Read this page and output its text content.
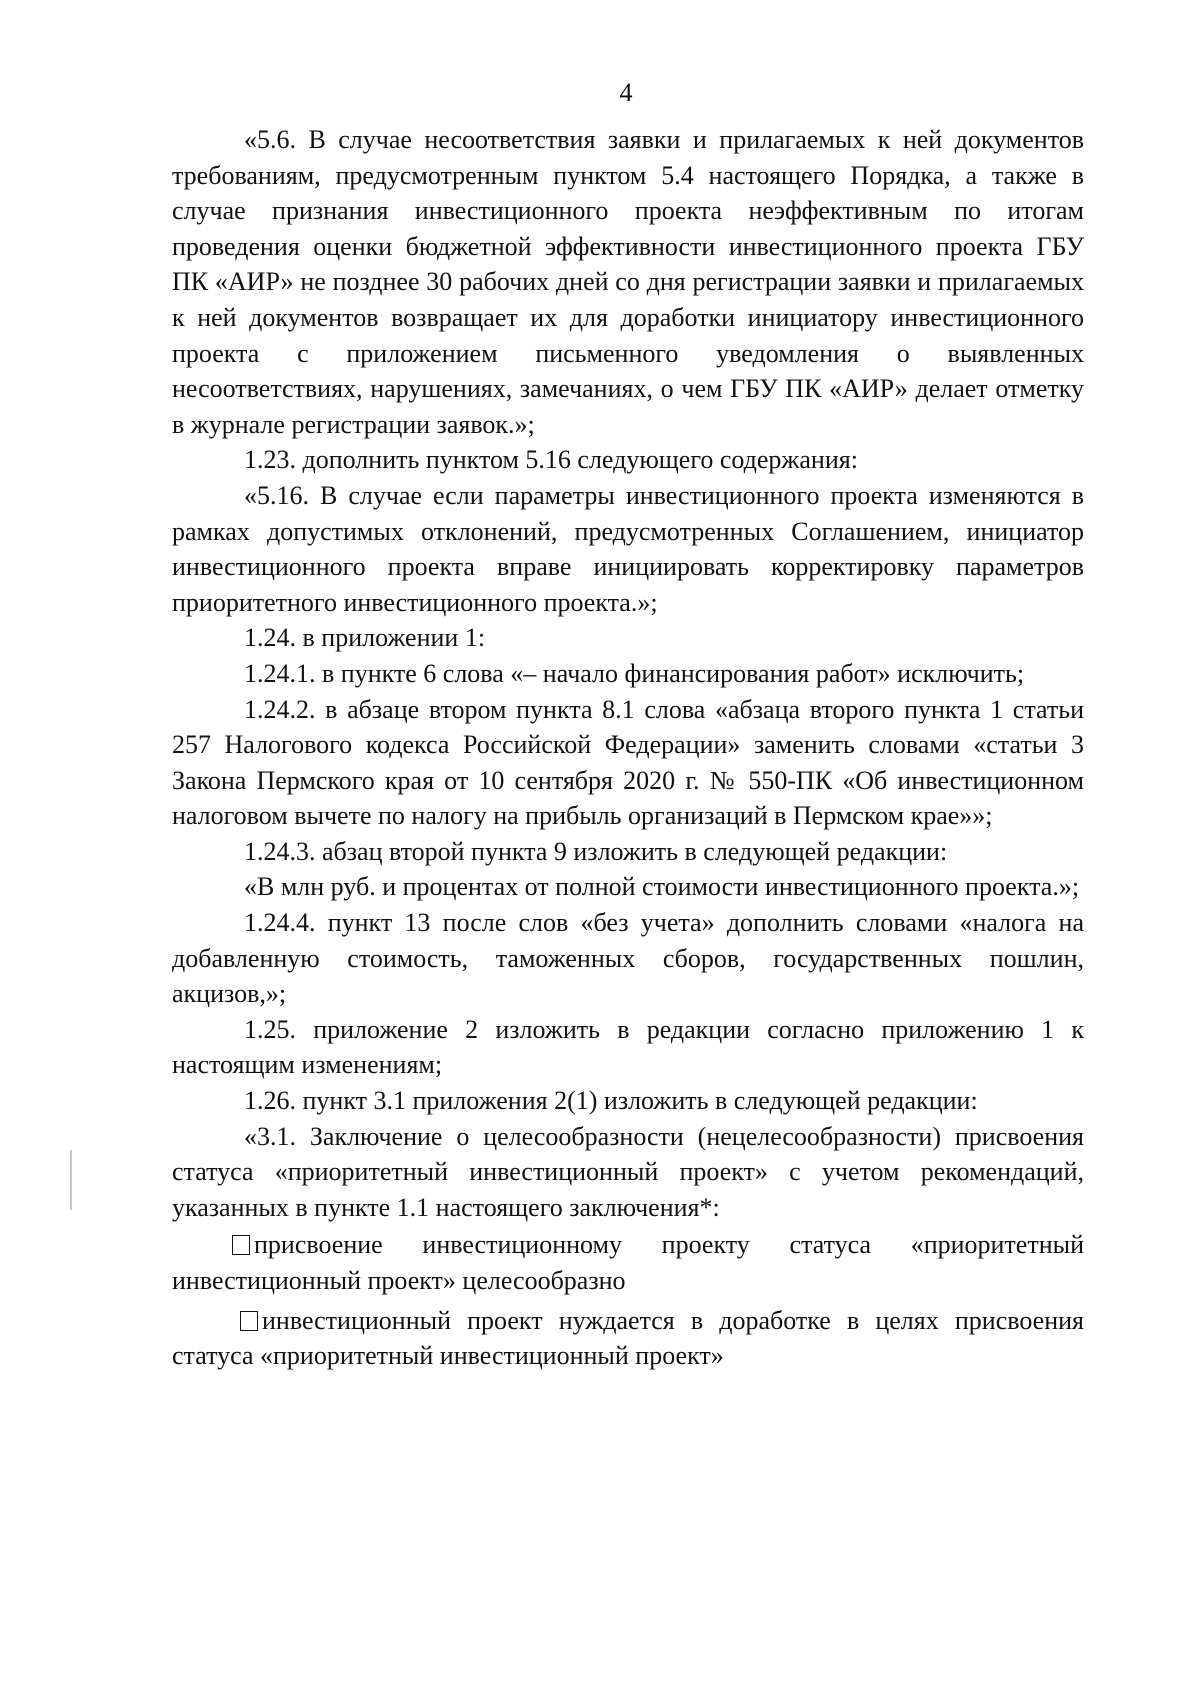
4

«5.6. В случае несоответствия заявки и прилагаемых к ней документов требованиям, предусмотренным пунктом 5.4 настоящего Порядка, а также в случае признания инвестиционного проекта неэффективным по итогам проведения оценки бюджетной эффективности инвестиционного проекта ГБУ ПК «АИР» не позднее 30 рабочих дней со дня регистрации заявки и прилагаемых к ней документов возвращает их для доработки инициатору инвестиционного проекта с приложением письменного уведомления о выявленных несоответствиях, нарушениях, замечаниях, о чем ГБУ ПК «АИР» делает отметку в журнале регистрации заявок.»;

1.23. дополнить пунктом 5.16 следующего содержания:

«5.16. В случае если параметры инвестиционного проекта изменяются в рамках допустимых отклонений, предусмотренных Соглашением, инициатор инвестиционного проекта вправе инициировать корректировку параметров приоритетного инвестиционного проекта.»;

1.24. в приложении 1:

1.24.1. в пункте 6 слова «– начало финансирования работ» исключить;

1.24.2. в абзаце втором пункта 8.1 слова «абзаца второго пункта 1 статьи 257 Налогового кодекса Российской Федерации» заменить словами «статьи 3 Закона Пермского края от 10 сентября 2020 г. № 550-ПК «Об инвестиционном налоговом вычете по налогу на прибыль организаций в Пермском крае»»;

1.24.3. абзац второй пункта 9 изложить в следующей редакции:

«В млн руб. и процентах от полной стоимости инвестиционного проекта.»;

1.24.4. пункт 13 после слов «без учета» дополнить словами «налога на добавленную стоимость, таможенных сборов, государственных пошлин, акцизов,»;

1.25. приложение 2 изложить в редакции согласно приложению 1 к настоящим изменениям;

1.26. пункт 3.1 приложения 2(1) изложить в следующей редакции:

«3.1. Заключение о целесообразности (нецелесообразности) присвоения статуса «приоритетный инвестиционный проект» с учетом рекомендаций, указанных в пункте 1.1 настоящего заключения*:

присвоение инвестиционному проекту статуса «приоритетный инвестиционный проект» целесообразно

инвестиционный проект нуждается в доработке в целях присвоения статуса «приоритетный инвестиционный проект»
